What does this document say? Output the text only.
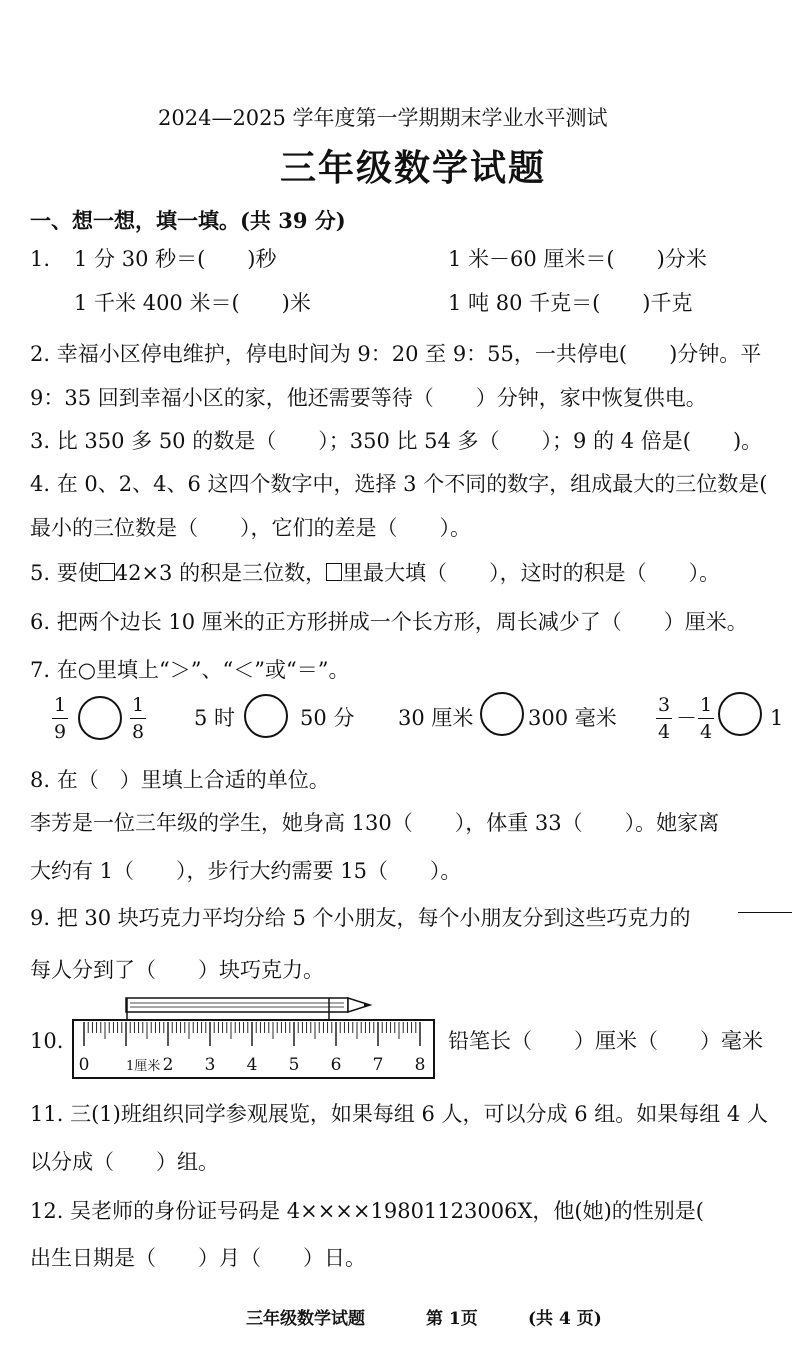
2024—2025 学年度第一学期期末学业水平测试
三年级数学试题
一、想一想，填一填。(共 39 分)
1. 1 分 30 秒＝(　　)秒	1 米－60 厘米＝(　　)分米
1 千米 400 米＝(　　)米	1 吨 80 千克＝(　　)千克
2. 幸福小区停电维护，停电时间为 9：20 至 9：55，一共停电(　　)分钟。平
9：35 回到幸福小区的家，他还需要等待（　　）分钟，家中恢复供电。
3. 比 350 多 50 的数是（　　）；350 比 54 多（　　）；9 的 4 倍是(　　)。
4. 在 0、2、4、6 这四个数字中，选择 3 个不同的数字，组成最大的三位数是(
最小的三位数是（　　），它们的差是（　　）。
5. 要使 42×3 的积是三位数， 里最大填（　　），这时的积是（　　）。
6. 把两个边长 10 厘米的正方形拼成一个长方形，周长减少了（　　）厘米。
7. 在○里填上“＞”、“＜”或“＝”。
1
9
1
8
5 时	50 分 30 厘米	300 毫米
3
4
－
1
4
1
8. 在（　）里填上合适的单位。
李芳是一位三年级的学生，她身高 130（　　），体重 33（　　）。她家离
大约有 1（　　），步行大约需要 15（　　）。
9. 把 30 块巧克力平均分给 5 个小朋友，每个小朋友分到这些巧克力的
每人分到了（　　）块巧克力。
10.
0	1厘米 2 3 4 5 6 7 8
铅笔长（　　）厘米（　　）毫米
11. 三(1)班组织同学参观展览，如果每组 6 人，可以分成 6 组。如果每组 4 人
以分成（　　）组。
12. 吴老师的身份证号码是 4××××19801123006X，他(她)的性别是(
出生日期是（　　）月（　　）日。
三年级数学试题	第 1页	(共 4 页)
